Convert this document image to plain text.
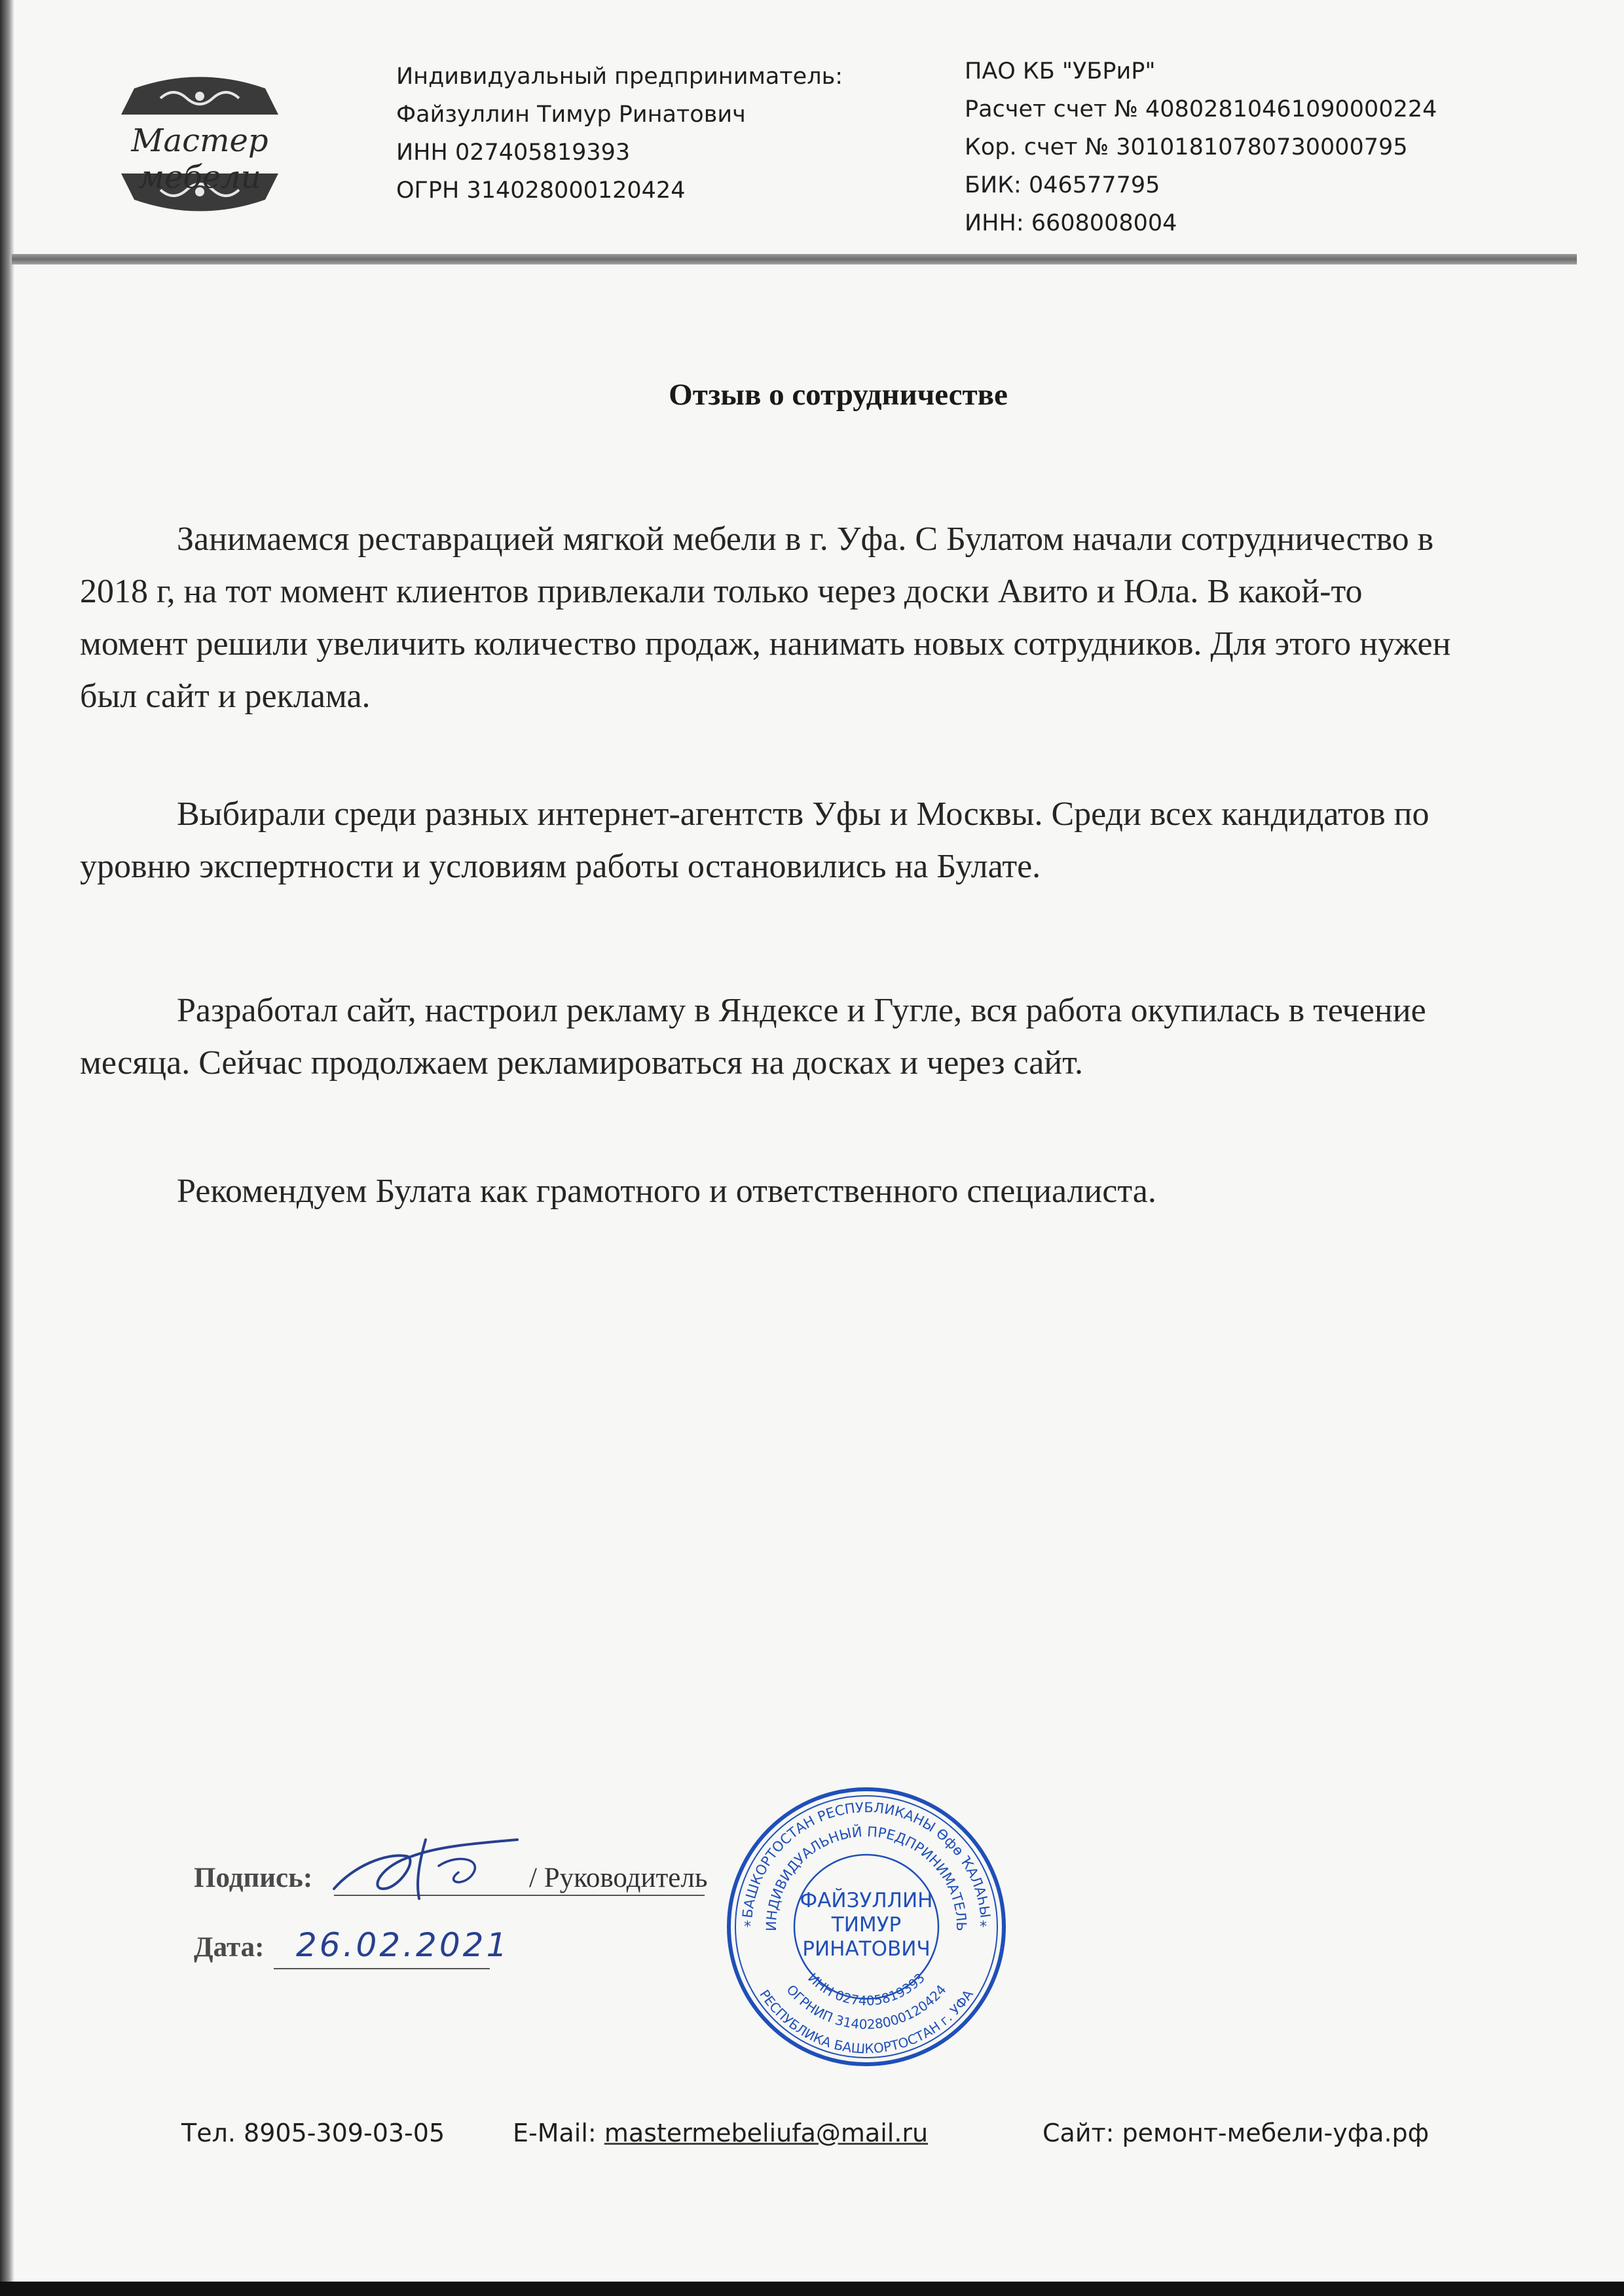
Мастер мебели
Индивидуальный предприниматель:
Файзуллин Тимур Ринатович
ИНН 027405819393
ОГРН 314028000120424
ПАО КБ "УБРиР"
Расчет счет № 40802810461090000224
Кор. счет № 30101810780730000795
БИК: 046577795
ИНН: 6608008004
Отзыв о сотрудничестве
Занимаемся реставрацией мягкой мебели в г. Уфа. С Булатом начали сотрудничество в 2018 г, на тот момент клиентов привлекали только через доски Авито и Юла. В какой-то момент решили увеличить количество продаж, нанимать новых сотрудников. Для этого нужен был сайт и реклама.
Выбирали среди разных интернет-агентств Уфы и Москвы. Среди всех кандидатов по уровню экспертности и условиям работы остановились на Булате.
Разработал сайт, настроил рекламу в Яндексе и Гугле, вся работа окупилась в течение месяца. Сейчас продолжаем рекламироваться на досках и через сайт.
Рекомендуем Булата как грамотного и ответственного специалиста.
Подпись:	/ Руководитель
Дата: 26.02.2021
БАШКОРТОСТАН РЕСПУБЛИКАНЫ Өфө ҠАЛАҺЫ
ИНДИВИДУАЛЬНЫЙ ПРЕДПРИНИМАТЕЛЬ
РЕСПУБЛИКА БАШКОРТОСТАН г. УФА
ОГРНИП 314028000120424
ИНН 027405819393
ФАЙЗУЛЛИН
ТИМУР
РИНАТОВИЧ
*	*
Тел. 8905-309-03-05	E-Mail: mastermebeliufa@mail.ru	Сайт: ремонт-мебели-уфа.рф
